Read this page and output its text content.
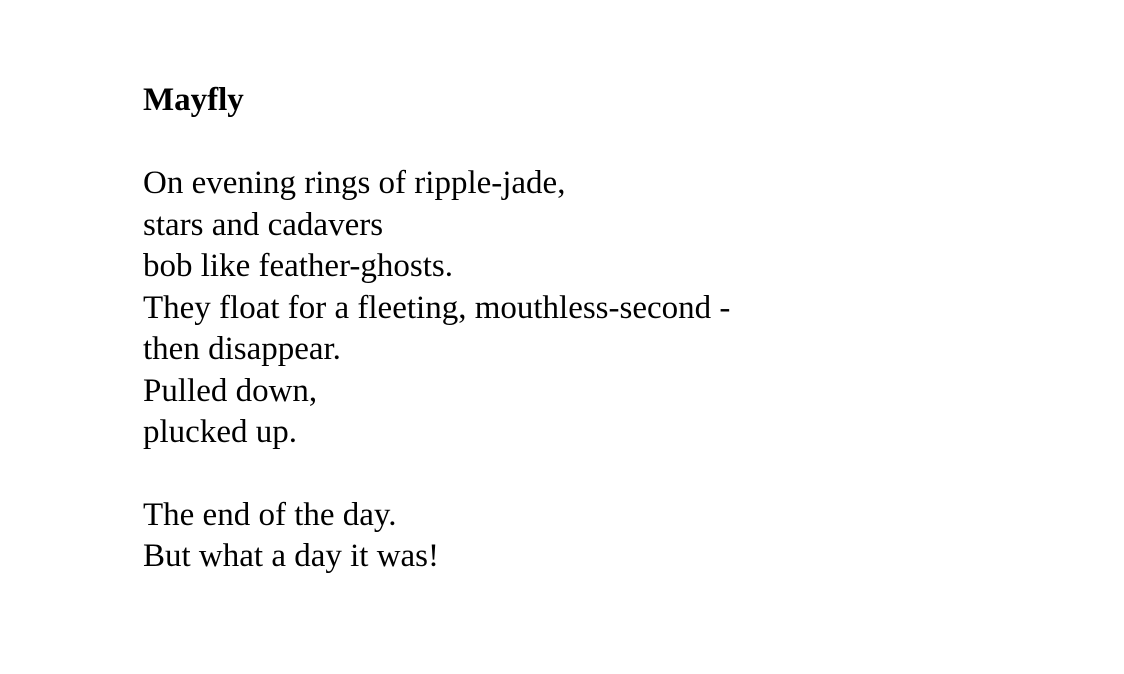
Mayfly
On evening rings of ripple-jade,
stars and cadavers
bob like feather-ghosts.
They float for a fleeting, mouthless-second -
then disappear.
Pulled down,
plucked up.
The end of the day.
But what a day it was!
